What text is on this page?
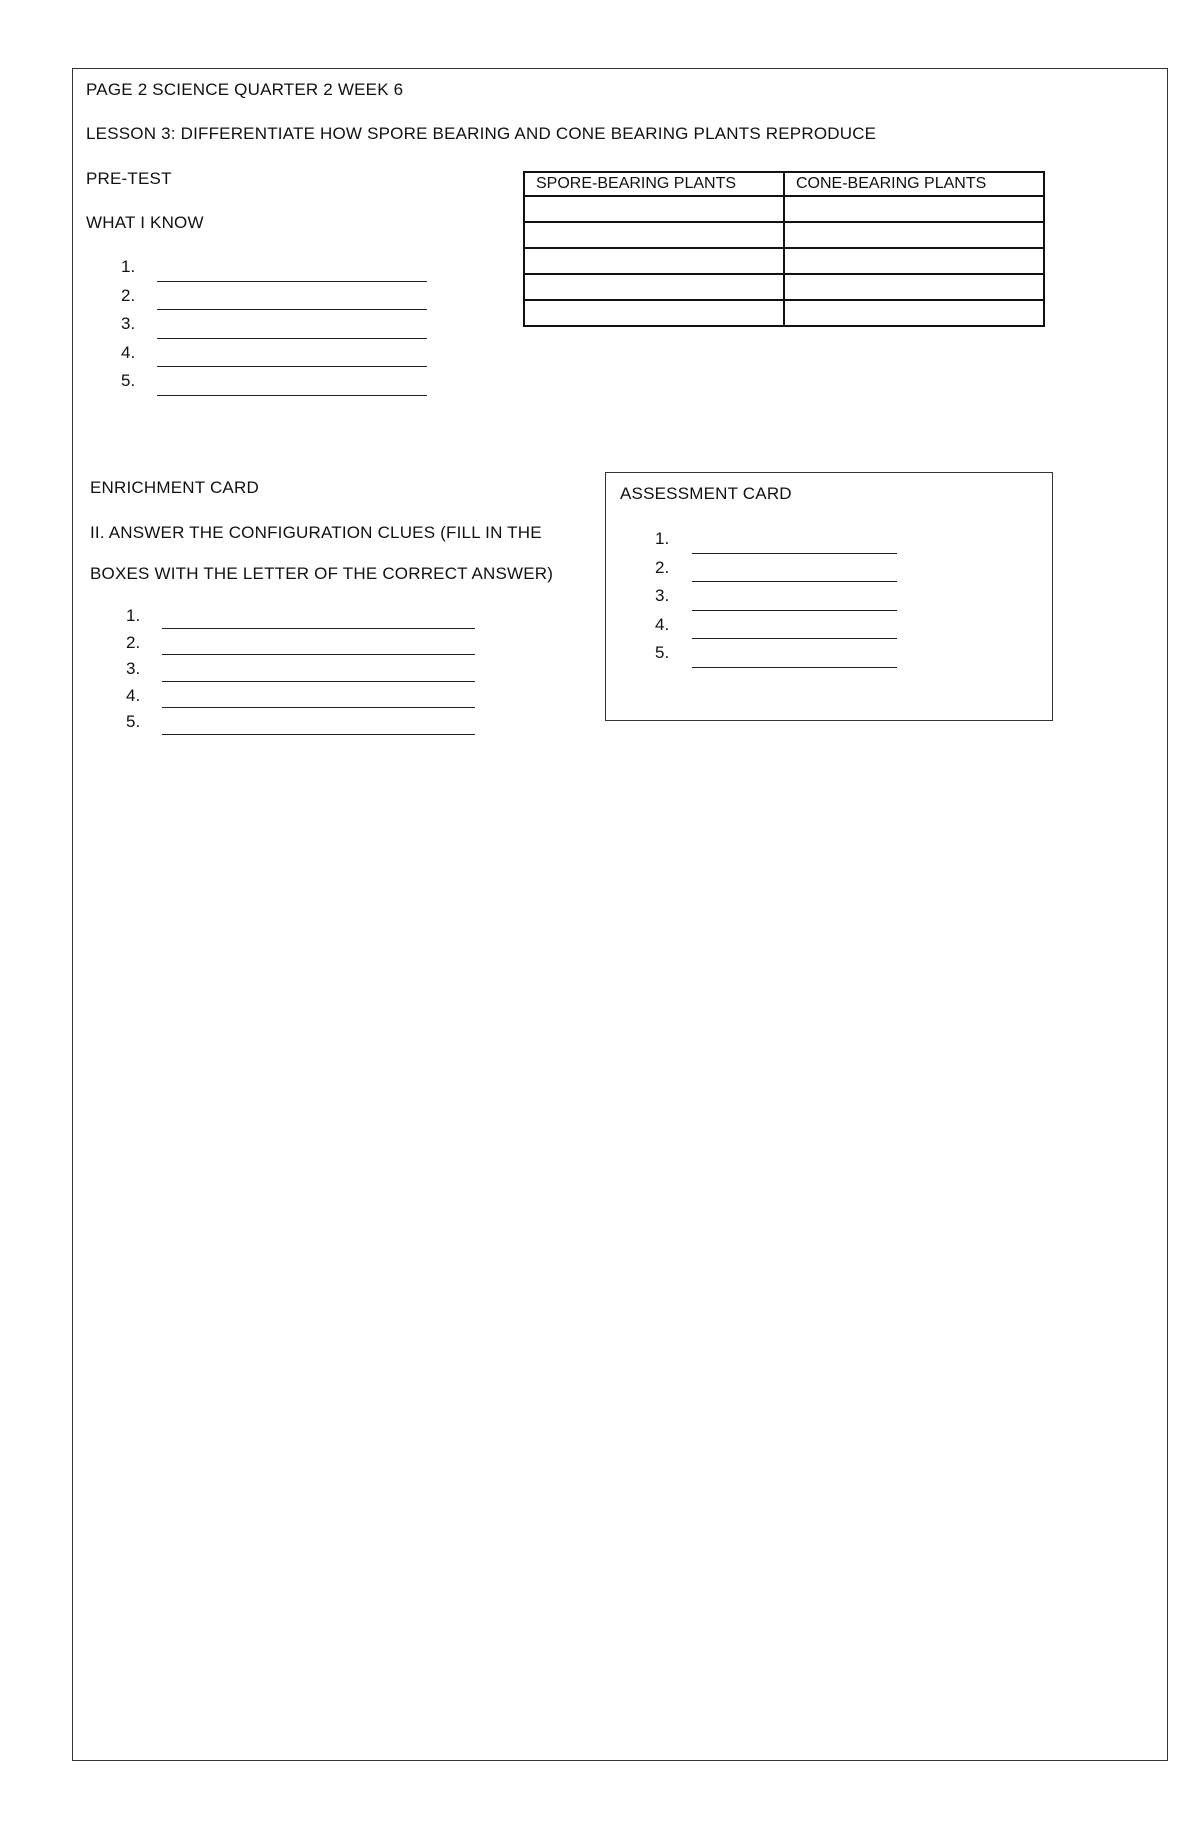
PAGE 2 SCIENCE QUARTER 2 WEEK 6
LESSON 3: DIFFERENTIATE HOW SPORE BEARING AND CONE BEARING PLANTS REPRODUCE
PRE-TEST
WHAT I KNOW
1.
2.
3.
4.
5.
SPORE-BEARING PLANTS	CONE-BEARING PLANTS

ENRICHMENT CARD
II. ANSWER THE CONFIGURATION CLUES (FILL IN THE
BOXES WITH THE LETTER OF THE CORRECT ANSWER)
1.
2.
3.
4.
5.
ASSESSMENT CARD
1.
2.
3.
4.
5.
